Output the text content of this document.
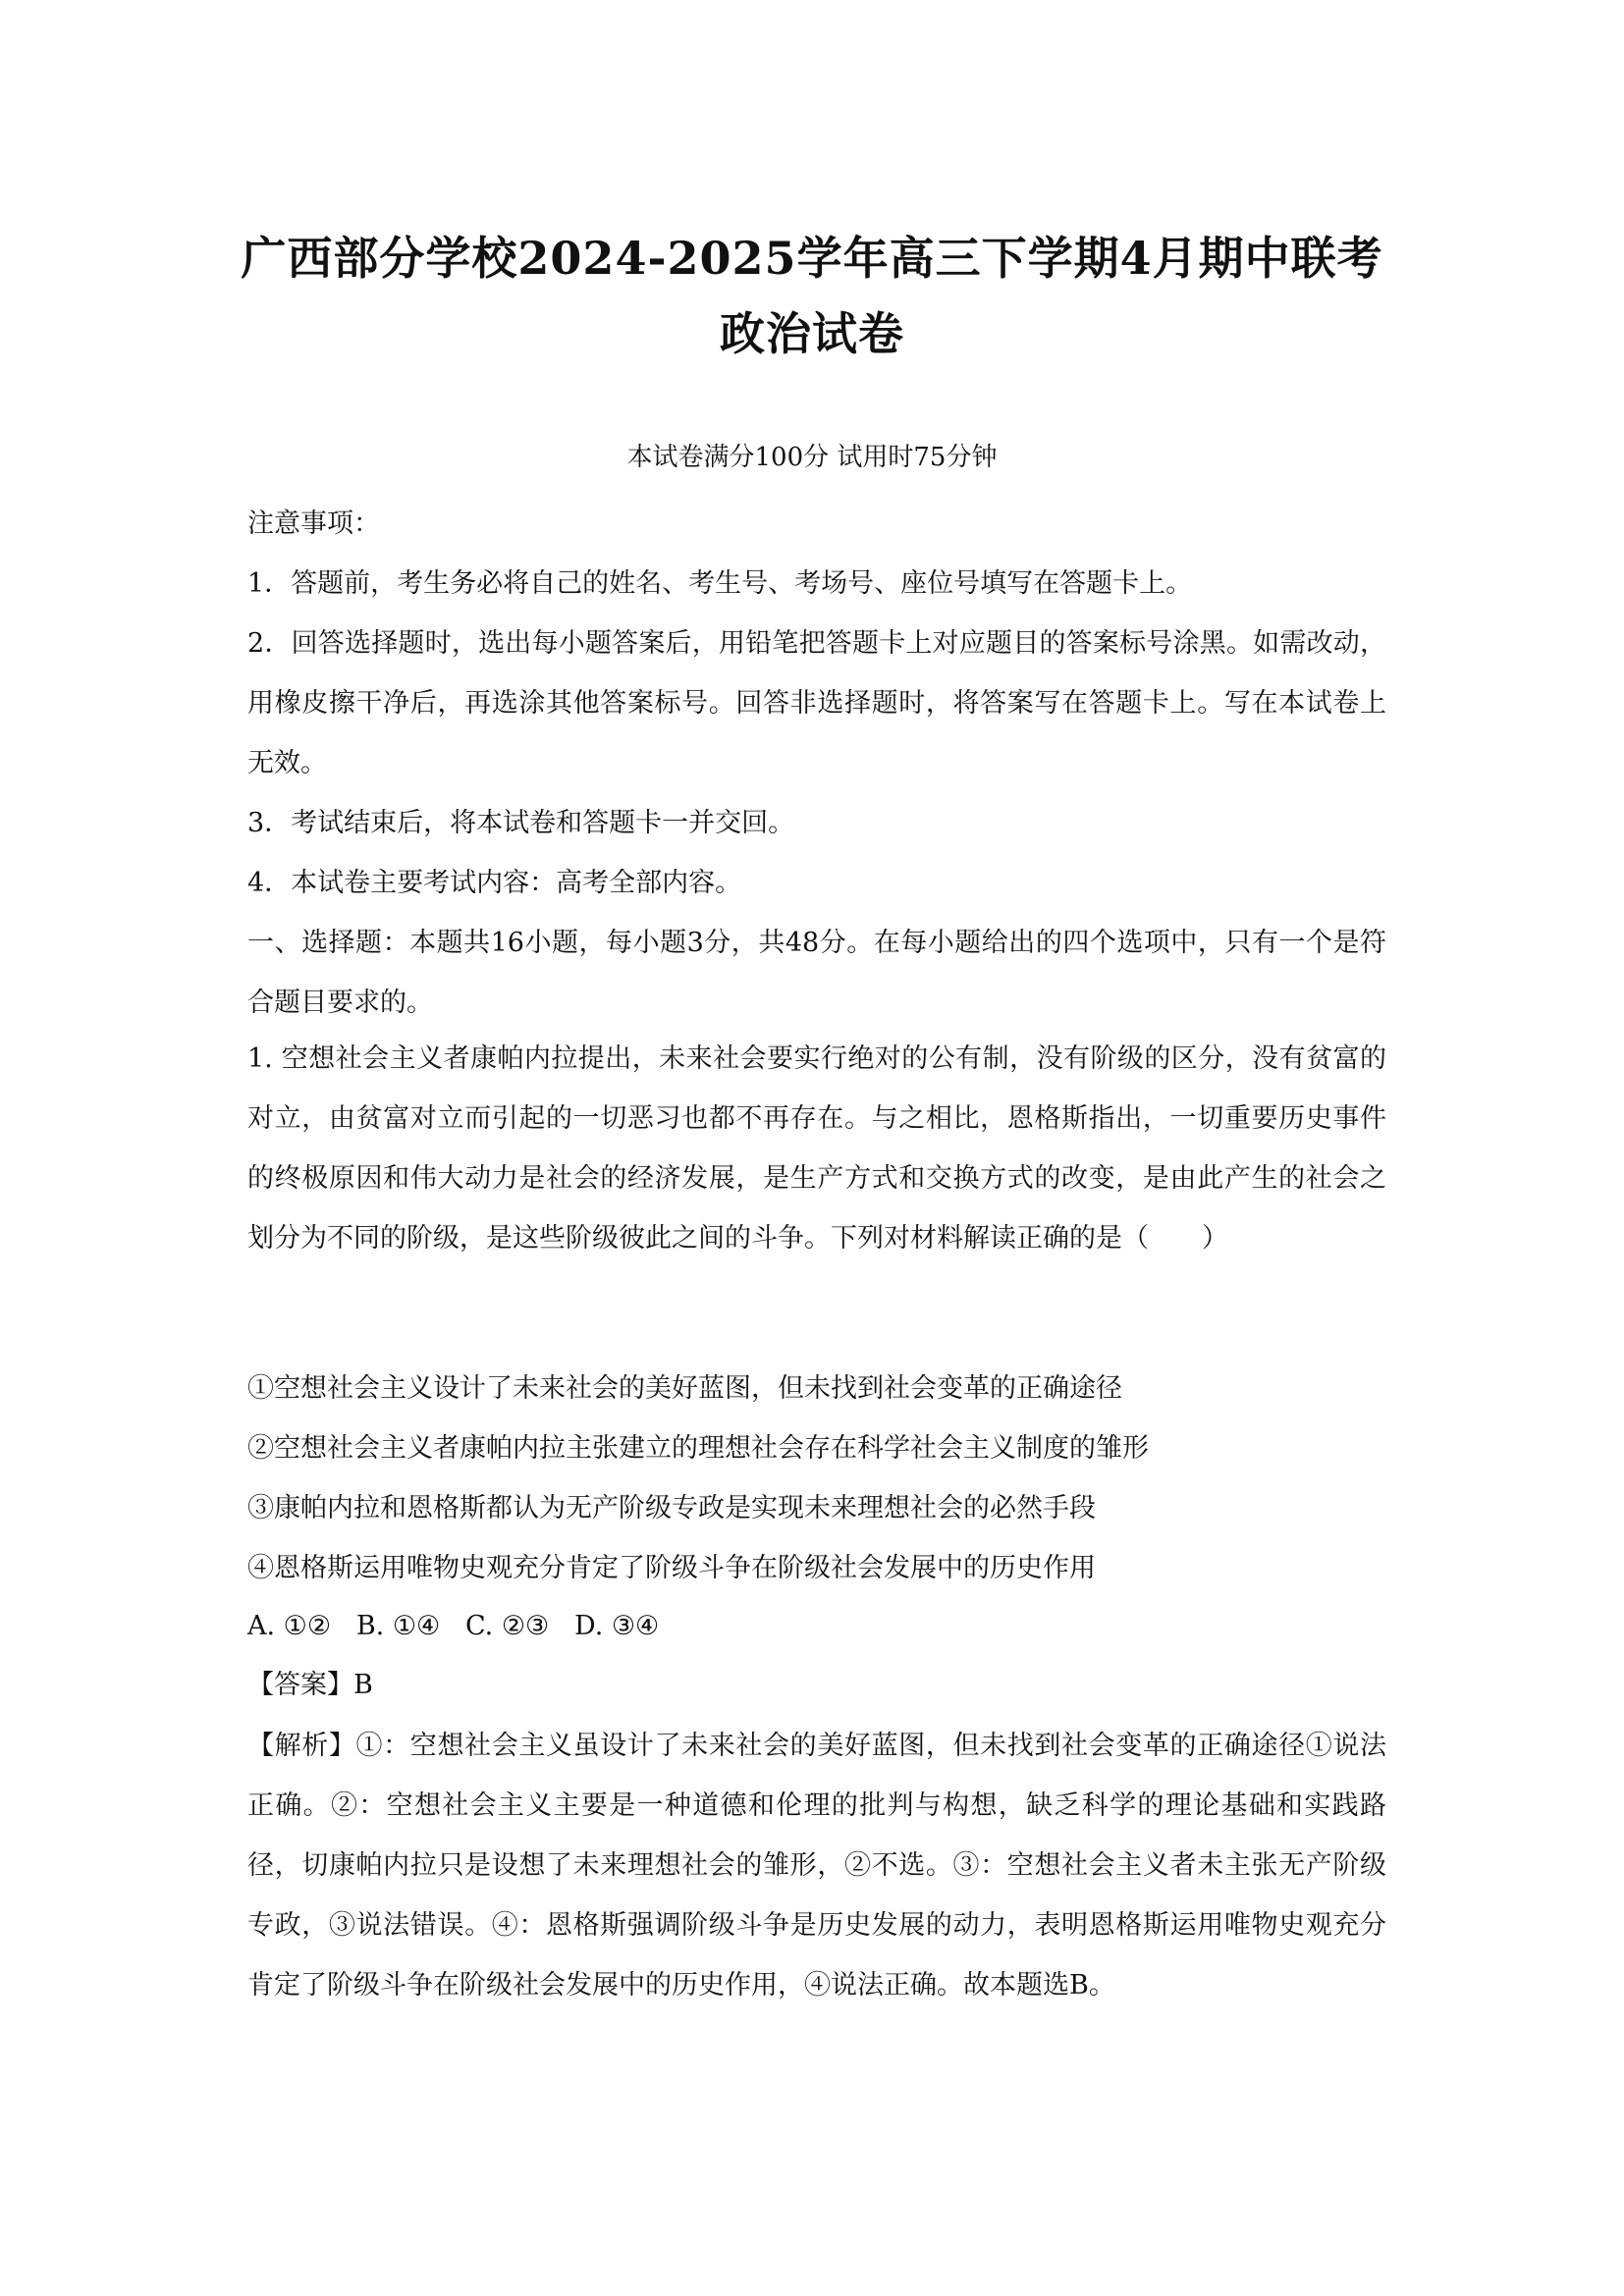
广西部分学校2024-2025学年高三下学期4月期中联考
政治试卷
本试卷满分100分 试用时75分钟

注意事项：

1．答题前，考生务必将自己的姓名、考生号、考场号、座位号填写在答题卡上。

2．回答选择题时，选出每小题答案后，用铅笔把答题卡上对应题目的答案标号涂黑。如需改动，用橡皮擦干净后，再选涂其他答案标号。回答非选择题时，将答案写在答题卡上。写在本试卷上无效。

3．考试结束后，将本试卷和答题卡一并交回。

4．本试卷主要考试内容：高考全部内容。

一、选择题：本题共16小题，每小题3分，共48分。在每小题给出的四个选项中，只有一个是符合题目要求的。

1. 空想社会主义者康帕内拉提出，未来社会要实行绝对的公有制，没有阶级的区分，没有贫富的对立，由贫富对立而引起的一切恶习也都不再存在。与之相比，恩格斯指出，一切重要历史事件的终极原因和伟大动力是社会的经济发展，是生产方式和交换方式的改变，是由此产生的社会之划分为不同的阶级，是这些阶级彼此之间的斗争。下列对材料解读正确的是（　　）

①空想社会主义设计了未来社会的美好蓝图，但未找到社会变革的正确途径

②空想社会主义者康帕内拉主张建立的理想社会存在科学社会主义制度的雏形

③康帕内拉和恩格斯都认为无产阶级专政是实现未来理想社会的必然手段

④恩格斯运用唯物史观充分肯定了阶级斗争在阶级社会发展中的历史作用

A. ①②   B. ①④   C. ②③   D. ③④
【答案】B

【解析】①：空想社会主义虽设计了未来社会的美好蓝图，但未找到社会变革的正确途径①说法正确。②：空想社会主义主要是一种道德和伦理的批判与构想，缺乏科学的理论基础和实践路径，切康帕内拉只是设想了未来理想社会的雏形，②不选。③：空想社会主义者未主张无产阶级专政，③说法错误。④：恩格斯强调阶级斗争是历史发展的动力，表明恩格斯运用唯物史观充分肯定了阶级斗争在阶级社会发展中的历史作用，④说法正确。故本题选B。
